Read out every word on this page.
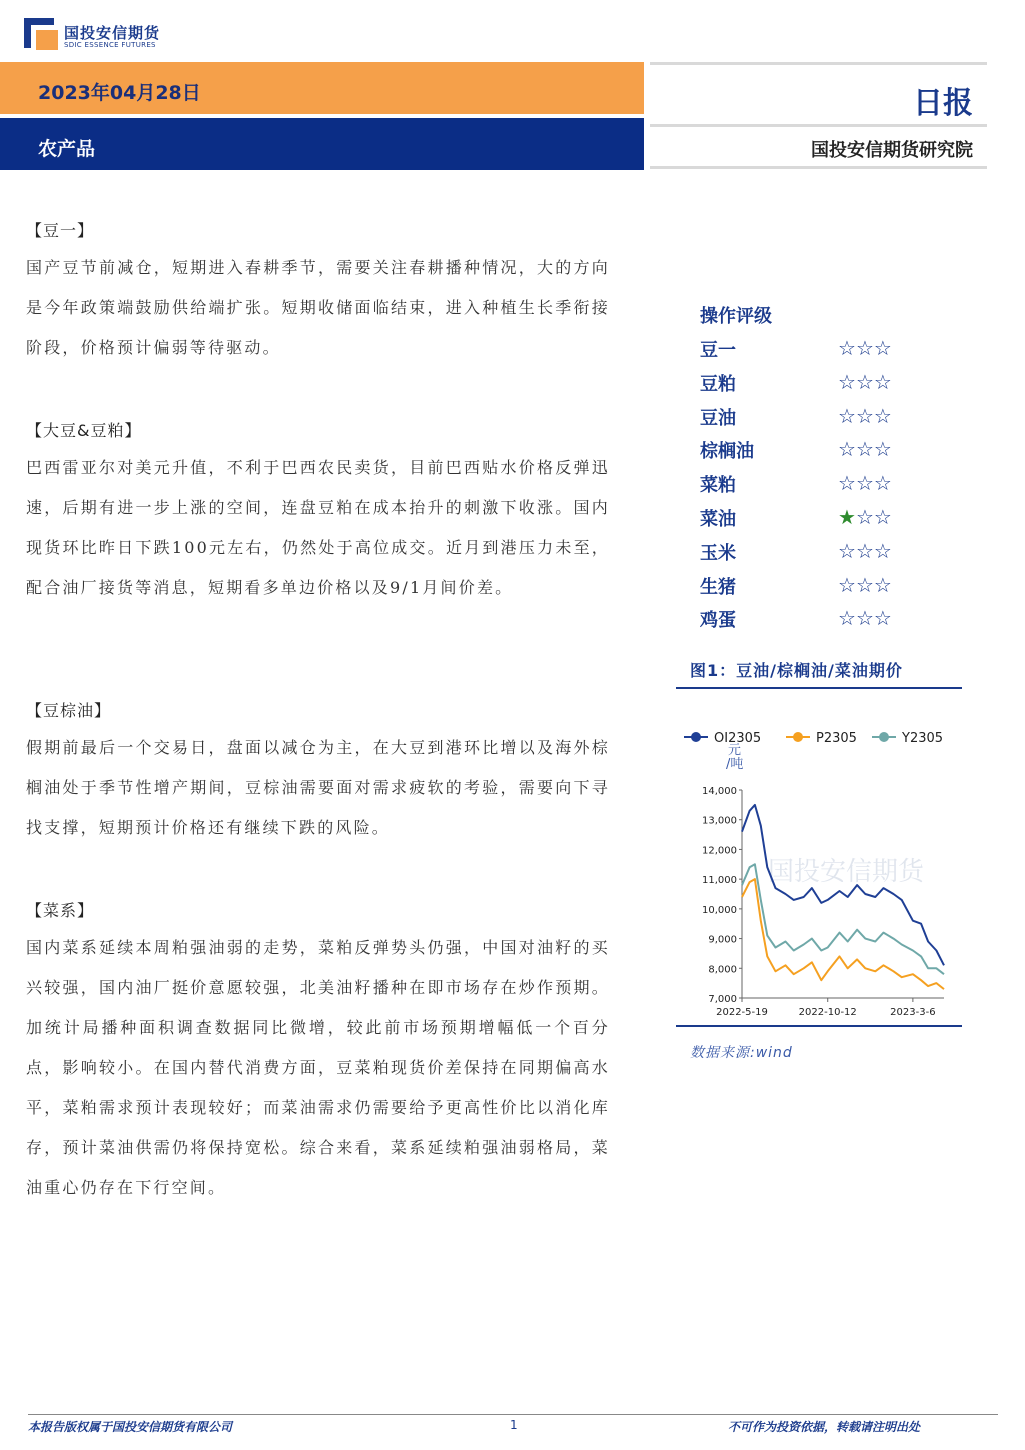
国投安信期货
SDIC ESSENCE FUTURES
2023年04月28日
农产品
日报
国投安信期货研究院
【豆一】
国产豆节前减仓，短期进入春耕季节，需要关注春耕播种情况，大的方向是今年政策端鼓励供给端扩张。短期收储面临结束，进入种植生长季衔接阶段，价格预计偏弱等待驱动。
【大豆&豆粕】
巴西雷亚尔对美元升值，不利于巴西农民卖货，目前巴西贴水价格反弹迅速，后期有进一步上涨的空间，连盘豆粕在成本抬升的刺激下收涨。国内现货环比昨日下跌100元左右，仍然处于高位成交。近月到港压力未至，配合油厂接货等消息，短期看多单边价格以及9/1月间价差。
【豆棕油】
假期前最后一个交易日，盘面以减仓为主，在大豆到港环比增以及海外棕榈油处于季节性增产期间，豆棕油需要面对需求疲软的考验，需要向下寻找支撑，短期预计价格还有继续下跌的风险。
【菜系】
国内菜系延续本周粕强油弱的走势，菜粕反弹势头仍强，中国对油籽的买兴较强，国内油厂挺价意愿较强，北美油籽播种在即市场存在炒作预期。加统计局播种面积调查数据同比微增，较此前市场预期增幅低一个百分点，影响较小。在国内替代消费方面，豆菜粕现货价差保持在同期偏高水平，菜粕需求预计表现较好；而菜油需求仍需要给予更高性价比以消化库存，预计菜油供需仍将保持宽松。综合来看，菜系延续粕强油弱格局，菜油重心仍存在下行空间。
操作评级
豆一	☆☆☆
豆粕	☆☆☆
豆油	☆☆☆
棕榈油	☆☆☆
菜粕	☆☆☆
菜油	★☆☆
玉米	☆☆☆
生猪	☆☆☆
鸡蛋	☆☆☆
图1：豆油/棕榈油/菜油期价
国投安信期货
OI2305	P2305	Y2305
元
/吨
14,000
13,000
12,000
11,000
10,000
9,000
8,000
7,000
2022-5-19	2022-10-12	2023-3-6
数据来源:wind
本报告版权属于国投安信期货有限公司	1	不可作为投资依据，转载请注明出处
